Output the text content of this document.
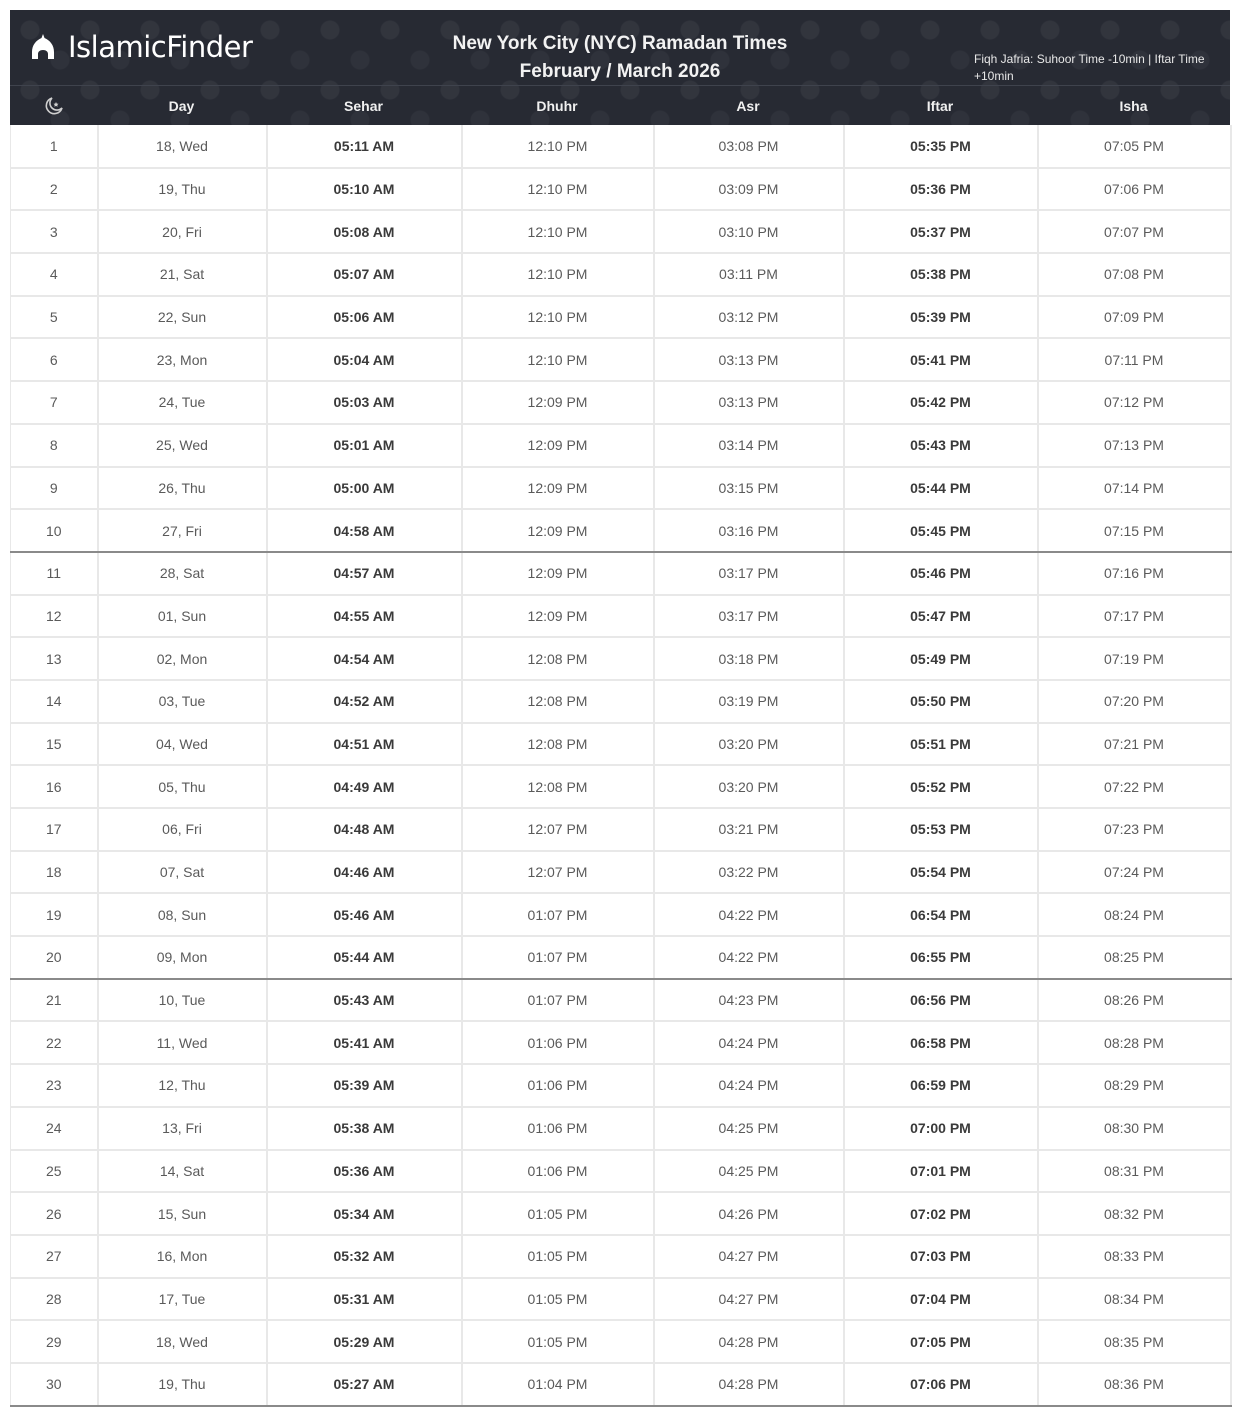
IslamicFinder	New York City (NYC) Ramadan Times
February / March 2026
Fiqh Jafria: Suhoor Time -10min | Iftar Time +10min
Day	Sehar	Dhuhr	Asr	Iftar	Isha
1	18, Wed	05:11 AM	12:10 PM	03:08 PM	05:35 PM	07:05 PM
2	19, Thu	05:10 AM	12:10 PM	03:09 PM	05:36 PM	07:06 PM
3	20, Fri	05:08 AM	12:10 PM	03:10 PM	05:37 PM	07:07 PM
4	21, Sat	05:07 AM	12:10 PM	03:11 PM	05:38 PM	07:08 PM
5	22, Sun	05:06 AM	12:10 PM	03:12 PM	05:39 PM	07:09 PM
6	23, Mon	05:04 AM	12:10 PM	03:13 PM	05:41 PM	07:11 PM
7	24, Tue	05:03 AM	12:09 PM	03:13 PM	05:42 PM	07:12 PM
8	25, Wed	05:01 AM	12:09 PM	03:14 PM	05:43 PM	07:13 PM
9	26, Thu	05:00 AM	12:09 PM	03:15 PM	05:44 PM	07:14 PM
10	27, Fri	04:58 AM	12:09 PM	03:16 PM	05:45 PM	07:15 PM
11	28, Sat	04:57 AM	12:09 PM	03:17 PM	05:46 PM	07:16 PM
12	01, Sun	04:55 AM	12:09 PM	03:17 PM	05:47 PM	07:17 PM
13	02, Mon	04:54 AM	12:08 PM	03:18 PM	05:49 PM	07:19 PM
14	03, Tue	04:52 AM	12:08 PM	03:19 PM	05:50 PM	07:20 PM
15	04, Wed	04:51 AM	12:08 PM	03:20 PM	05:51 PM	07:21 PM
16	05, Thu	04:49 AM	12:08 PM	03:20 PM	05:52 PM	07:22 PM
17	06, Fri	04:48 AM	12:07 PM	03:21 PM	05:53 PM	07:23 PM
18	07, Sat	04:46 AM	12:07 PM	03:22 PM	05:54 PM	07:24 PM
19	08, Sun	05:46 AM	01:07 PM	04:22 PM	06:54 PM	08:24 PM
20	09, Mon	05:44 AM	01:07 PM	04:22 PM	06:55 PM	08:25 PM
21	10, Tue	05:43 AM	01:07 PM	04:23 PM	06:56 PM	08:26 PM
22	11, Wed	05:41 AM	01:06 PM	04:24 PM	06:58 PM	08:28 PM
23	12, Thu	05:39 AM	01:06 PM	04:24 PM	06:59 PM	08:29 PM
24	13, Fri	05:38 AM	01:06 PM	04:25 PM	07:00 PM	08:30 PM
25	14, Sat	05:36 AM	01:06 PM	04:25 PM	07:01 PM	08:31 PM
26	15, Sun	05:34 AM	01:05 PM	04:26 PM	07:02 PM	08:32 PM
27	16, Mon	05:32 AM	01:05 PM	04:27 PM	07:03 PM	08:33 PM
28	17, Tue	05:31 AM	01:05 PM	04:27 PM	07:04 PM	08:34 PM
29	18, Wed	05:29 AM	01:05 PM	04:28 PM	07:05 PM	08:35 PM
30	19, Thu	05:27 AM	01:04 PM	04:28 PM	07:06 PM	08:36 PM
